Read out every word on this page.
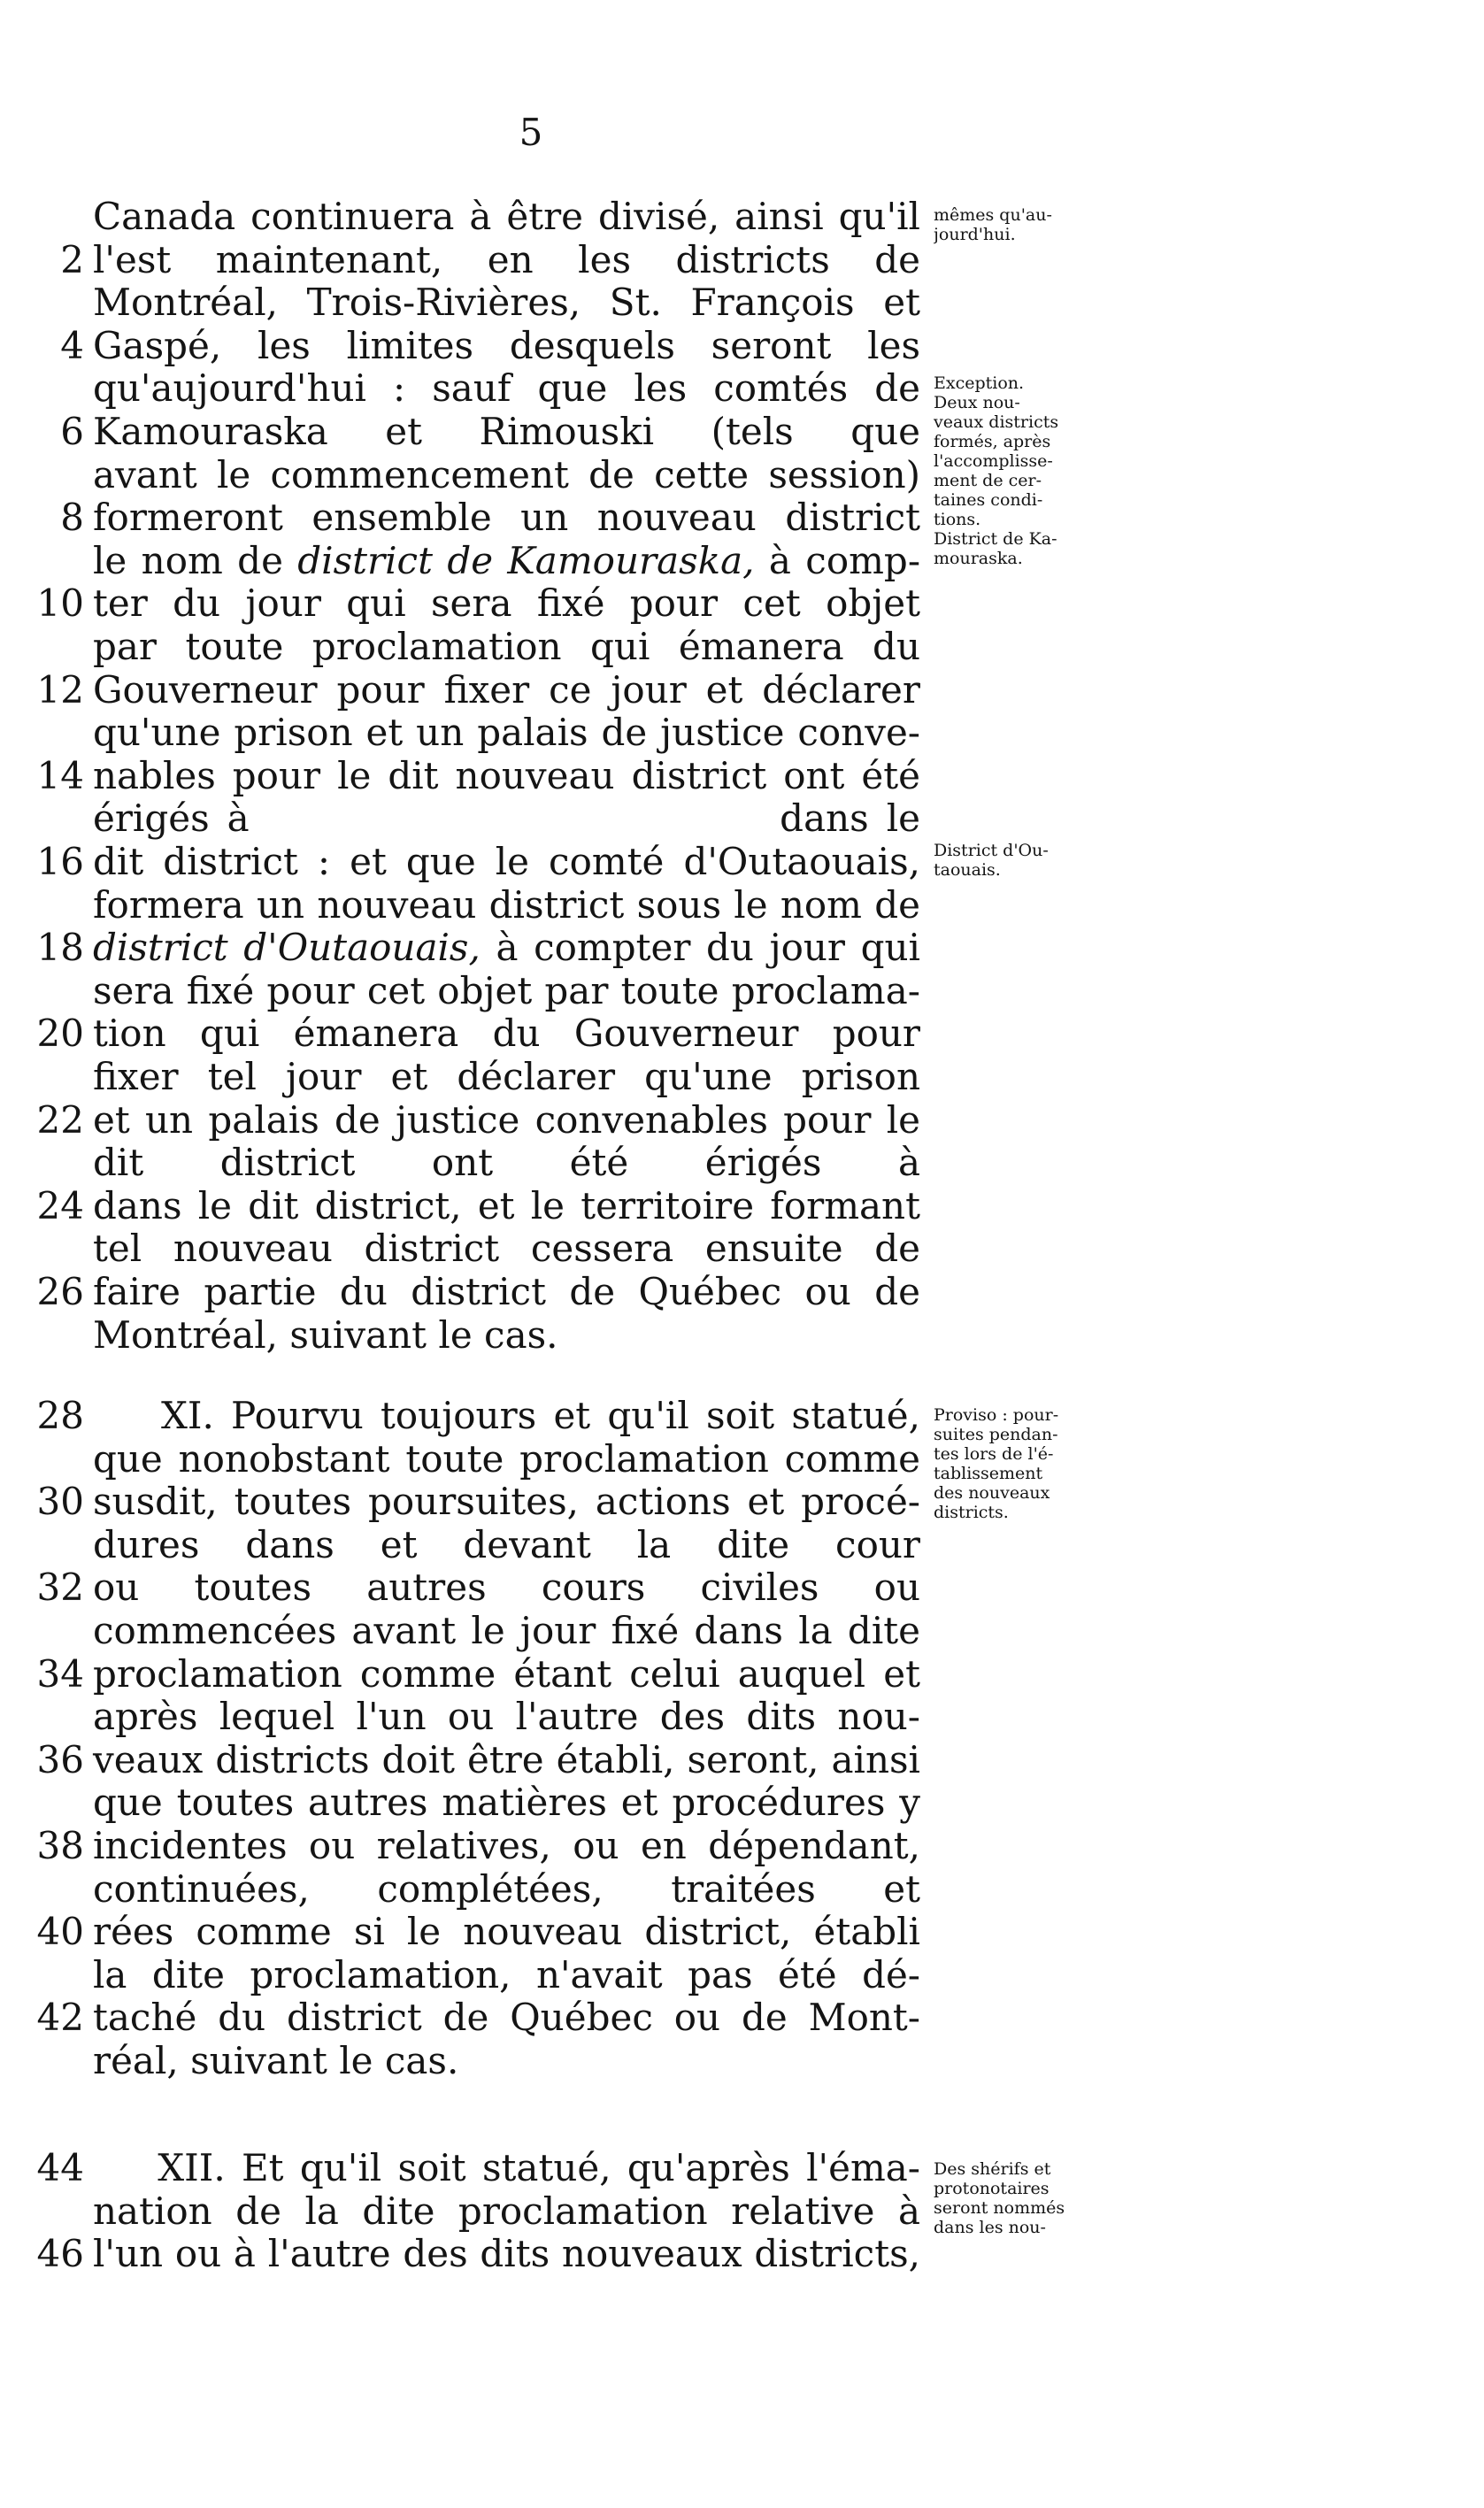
5
Canada continuera à être divisé, ainsi qu'il
2 l'est maintenant, en les districts de
Montréal, Trois-Rivières, St. François et
4 Gaspé, les limites desquels seront les
qu'aujourd'hui : sauf que les comtés de
6 Kamouraska et Rimouski (tels que
avant le commencement de cette session)
8 formeront ensemble un nouveau district
le nom de district de Kamouraska, à comp-
10 ter du jour qui sera fixé pour cet objet
par toute proclamation qui émanera du
12 Gouverneur pour fixer ce jour et déclarer
qu'une prison et un palais de justice conve-
14 nables pour le dit nouveau district ont été
érigés à                              dans le
16 dit district : et que le comté d'Outaouais,
formera un nouveau district sous le nom de
18 district d'Outaouais, à compter du jour qui
sera fixé pour cet objet par toute proclama-
20 tion qui émanera du Gouverneur pour
fixer tel jour et déclarer qu'une prison
22 et un palais de justice convenables pour le
dit district ont été érigés à
24 dans le dit district, et le territoire formant
tel nouveau district cessera ensuite de
26 faire partie du district de Québec ou de
Montréal, suivant le cas.
28 XI. Pourvu toujours et qu'il soit statué,
que nonobstant toute proclamation comme
30 susdit, toutes poursuites, actions et procé-
dures dans et devant la dite cour
32 ou toutes autres cours civiles ou
commencées avant le jour fixé dans la dite
34 proclamation comme étant celui auquel et
après lequel l'un ou l'autre des dits nou-
36 veaux districts doit être établi, seront, ainsi
que toutes autres matières et procédures y
38 incidentes ou relatives, ou en dépendant,
continuées, complétées, traitées et
40 rées comme si le nouveau district, établi
la dite proclamation, n'avait pas été dé-
42 taché du district de Québec ou de Mont-
réal, suivant le cas.
44 XII. Et qu'il soit statué, qu'après l'éma-
nation de la dite proclamation relative à
46 l'un ou à l'autre des dits nouveaux districts,
mêmes qu'au-
jourd'hui.
Exception.
Deux nou-
veaux districts
formés, après
l'accomplisse-
ment de cer-
taines condi-
tions.
District de Ka-
mouraska.
District d'Ou-
taouais.
Proviso : pour-
suites pendan-
tes lors de l'é-
tablissement
des nouveaux
districts.
Des shérifs et
protonotaires
seront nommés
dans les nou-
